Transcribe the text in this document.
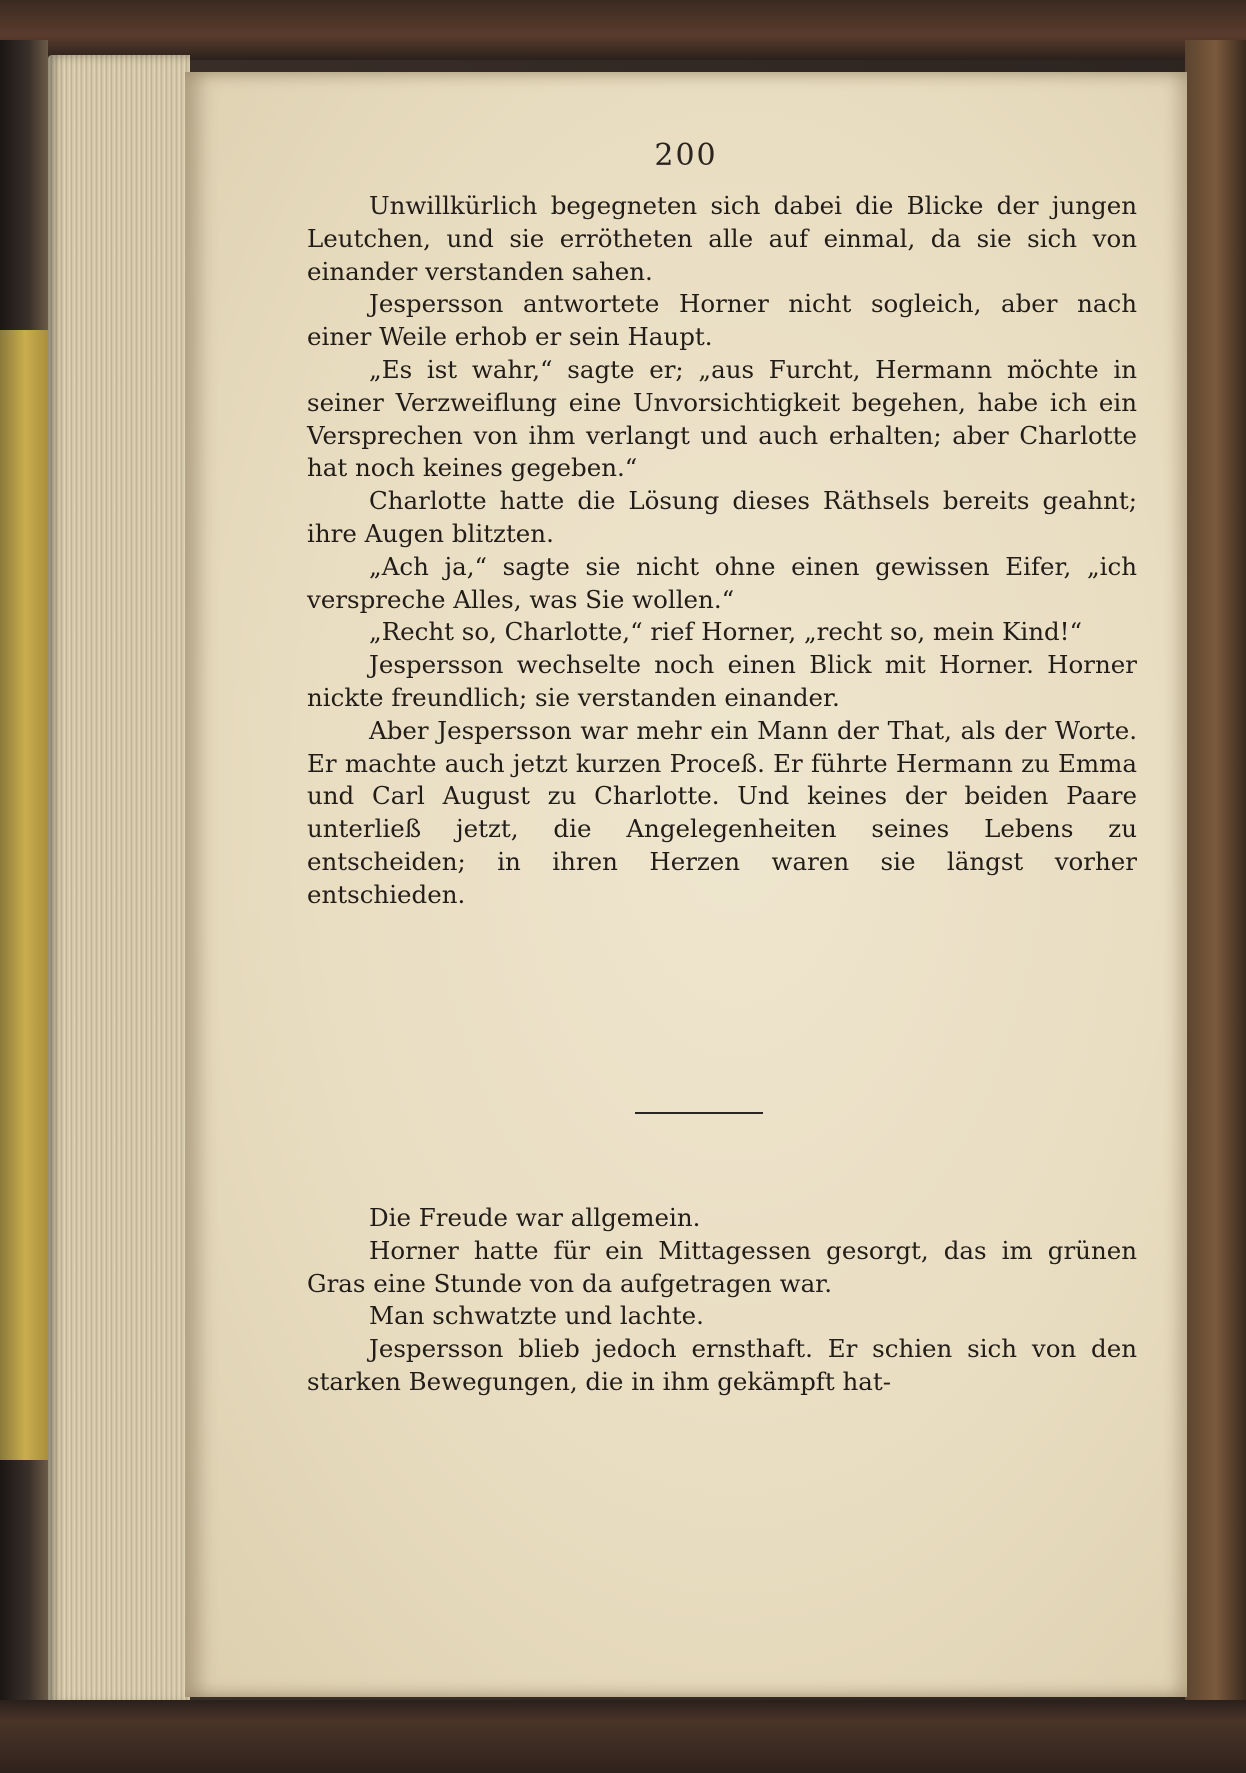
200

Unwillkürlich begegneten sich dabei die Blicke der jungen Leutchen, und sie errötheten alle auf einmal, da sie sich von einander verstanden sahen.

Jespersson antwortete Horner nicht sogleich, aber nach einer Weile erhob er sein Haupt.

„Es ist wahr,“ sagte er; „aus Furcht, Hermann möchte in seiner Verzweiflung eine Unvorsichtigkeit begehen, habe ich ein Versprechen von ihm verlangt und auch erhalten; aber Charlotte hat noch keines gegeben.“

Charlotte hatte die Lösung dieses Räthsels bereits geahnt; ihre Augen blitzten.

„Ach ja,“ sagte sie nicht ohne einen gewissen Eifer, „ich verspreche Alles, was Sie wollen.“

„Recht so, Charlotte,“ rief Horner, „recht so, mein Kind!“

Jespersson wechselte noch einen Blick mit Horner. Horner nickte freundlich; sie verstanden einander.

Aber Jespersson war mehr ein Mann der That, als der Worte. Er machte auch jetzt kurzen Proceß. Er führte Hermann zu Emma und Carl August zu Charlotte. Und keines der beiden Paare unterließ jetzt, die Angelegenheiten seines Lebens zu entscheiden; in ihren Herzen waren sie längst vorher entschieden.

Die Freude war allgemein.

Horner hatte für ein Mittagessen gesorgt, das im grünen Gras eine Stunde von da aufgetragen war.

Man schwatzte und lachte.

Jespersson blieb jedoch ernsthaft. Er schien sich von den starken Bewegungen, die in ihm gekämpft hat-
